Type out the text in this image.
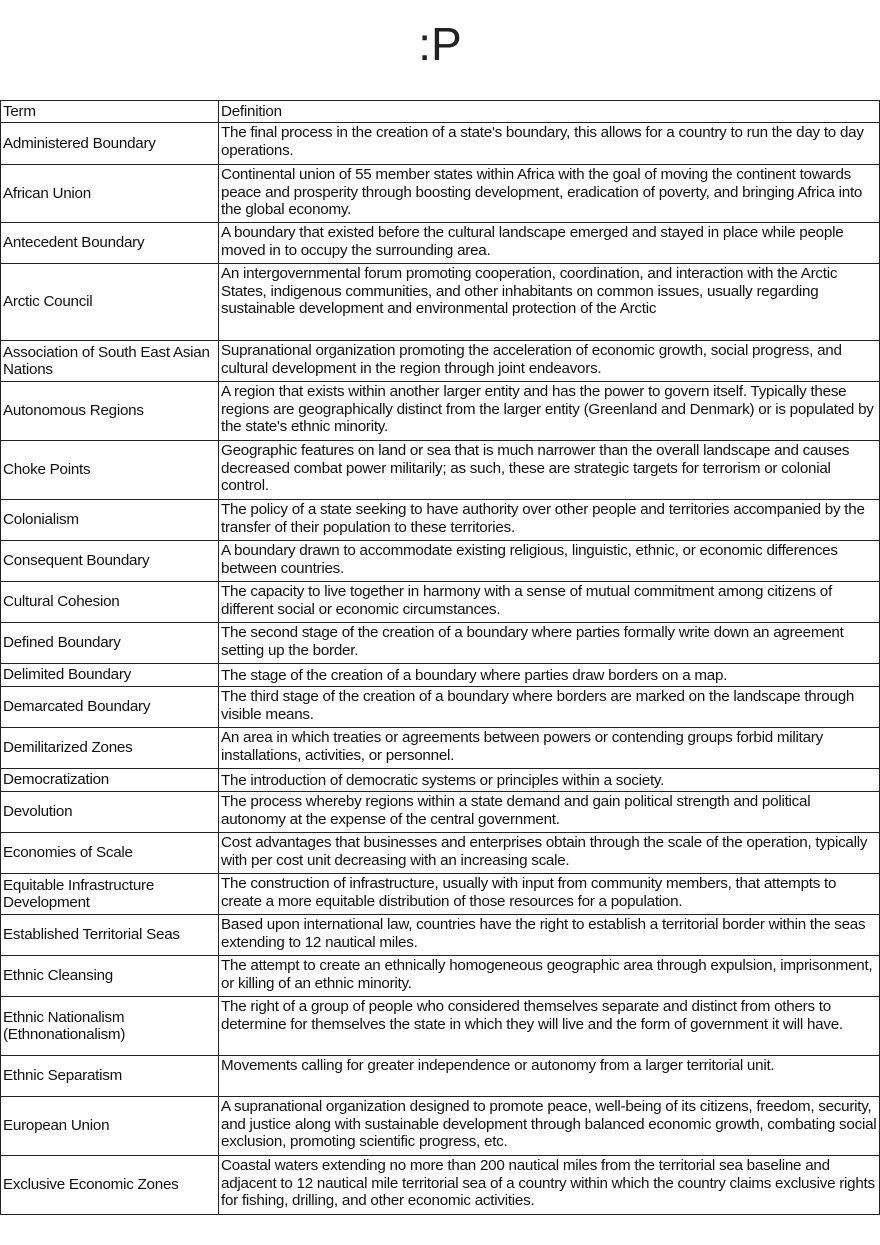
:P
Term	Definition
Administered Boundary	The final process in the creation of a state's boundary, this allows for a country to run the day to day operations.
African Union	Continental union of 55 member states within Africa with the goal of moving the continent towards peace and prosperity through boosting development, eradication of poverty, and bringing Africa into the global economy.
Antecedent Boundary	A boundary that existed before the cultural landscape emerged and stayed in place while people moved in to occupy the surrounding area.
Arctic Council	An intergovernmental forum promoting cooperation, coordination, and interaction with the Arctic States, indigenous communities, and other inhabitants on common issues, usually regarding sustainable development and environmental protection of the Arctic
Association of South East Asian Nations	Supranational organization promoting the acceleration of economic growth, social progress, and cultural development in the region through joint endeavors.
Autonomous Regions	A region that exists within another larger entity and has the power to govern itself. Typically these regions are geographically distinct from the larger entity (Greenland and Denmark) or is populated by the state's ethnic minority.
Choke Points	Geographic features on land or sea that is much narrower than the overall landscape and causes decreased combat power militarily; as such, these are strategic targets for terrorism or colonial control.
Colonialism	The policy of a state seeking to have authority over other people and territories accompanied by the transfer of their population to these territories.
Consequent Boundary	A boundary drawn to accommodate existing religious, linguistic, ethnic, or economic differences between countries.
Cultural Cohesion	The capacity to live together in harmony with a sense of mutual commitment among citizens of different social or economic circumstances.
Defined Boundary	The second stage of the creation of a boundary where parties formally write down an agreement setting up the border.
Delimited Boundary	The stage of the creation of a boundary where parties draw borders on a map.
Demarcated Boundary	The third stage of the creation of a boundary where borders are marked on the landscape through visible means.
Demilitarized Zones	An area in which treaties or agreements between powers or contending groups forbid military installations, activities, or personnel.
Democratization	The introduction of democratic systems or principles within a society.
Devolution	The process whereby regions within a state demand and gain political strength and political autonomy at the expense of the central government.
Economies of Scale	Cost advantages that businesses and enterprises obtain through the scale of the operation, typically with per cost unit decreasing with an increasing scale.
Equitable Infrastructure Development	The construction of infrastructure, usually with input from community members, that attempts to create a more equitable distribution of those resources for a population.
Established Territorial Seas	Based upon international law, countries have the right to establish a territorial border within the seas extending to 12 nautical miles.
Ethnic Cleansing	The attempt to create an ethnically homogeneous geographic area through expulsion, imprisonment, or killing of an ethnic minority.
Ethnic Nationalism (Ethnonationalism)	The right of a group of people who considered themselves separate and distinct from others to determine for themselves the state in which they will live and the form of government it will have.
Ethnic Separatism	Movements calling for greater independence or autonomy from a larger territorial unit.
European Union	A supranational organization designed to promote peace, well-being of its citizens, freedom, security, and justice along with sustainable development through balanced economic growth, combating social exclusion, promoting scientific progress, etc.
Exclusive Economic Zones	Coastal waters extending no more than 200 nautical miles from the territorial sea baseline and adjacent to 12 nautical mile territorial sea of a country within which the country claims exclusive rights for fishing, drilling, and other economic activities.
